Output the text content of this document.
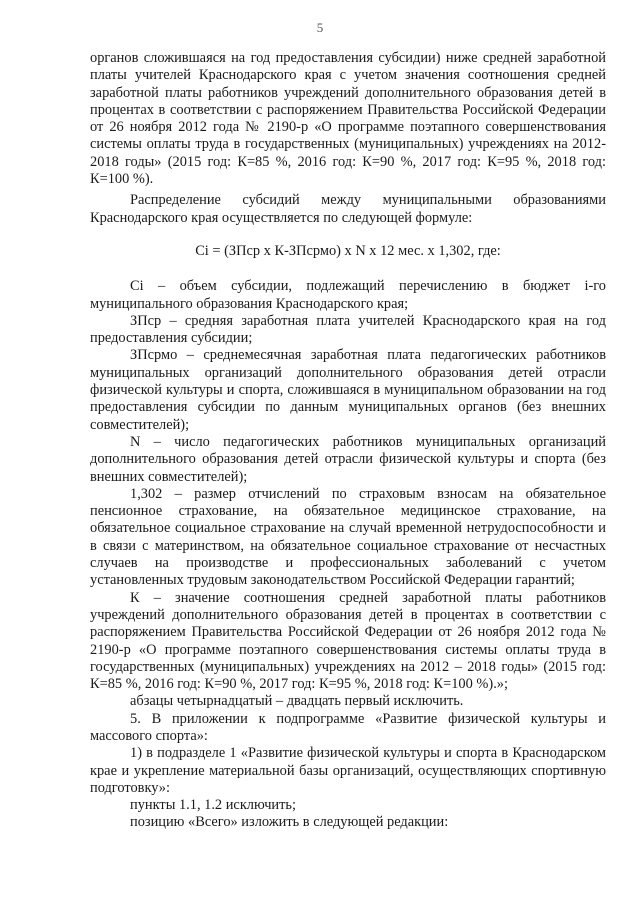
5

органов сложившаяся на год предоставления субсидии) ниже средней заработной платы учителей Краснодарского края с учетом значения соотношения средней заработной платы работников учреждений дополнительного образования детей в процентах в соответствии с распоряжением Правительства Российской Федерации от 26 ноября 2012 года № 2190-р «О программе поэтапного совершенствования системы оплаты труда в государственных (муниципальных) учреждениях на 2012-2018 годы» (2015 год: К=85 %, 2016 год: К=90 %, 2017 год: К=95 %, 2018 год: К=100 %).

Распределение субсидий между муниципальными образованиями Краснодарского края осуществляется по следующей формуле:

Сi = (ЗПср х К-ЗПсрмо) х N х 12 мес. х 1,302, где:

Сi – объем субсидии, подлежащий перечислению в бюджет i-го муниципального образования Краснодарского края;

ЗПср – средняя заработная плата учителей Краснодарского края на год предоставления субсидии;

ЗПсрмо – среднемесячная заработная плата педагогических работников муниципальных организаций дополнительного образования детей отрасли физической культуры и спорта, сложившаяся в муниципальном образовании на год предоставления субсидии по данным муниципальных органов (без внешних совместителей);

N – число педагогических работников муниципальных организаций дополнительного образования детей отрасли физической культуры и спорта (без внешних совместителей);

1,302 – размер отчислений по страховым взносам на обязательное пенсионное страхование, на обязательное медицинское страхование, на обязательное социальное страхование на случай временной нетрудоспособности и в связи с материнством, на обязательное социальное страхование от несчастных случаев на производстве и профессиональных заболеваний с учетом установленных трудовым законодательством Российской Федерации гарантий;

К – значение соотношения средней заработной платы работников учреждений дополнительного образования детей в процентах в соответствии с распоряжением Правительства Российской Федерации от 26 ноября 2012 года № 2190-р «О программе поэтапного совершенствования системы оплаты труда в государственных (муниципальных) учреждениях на 2012 – 2018 годы» (2015 год: К=85 %, 2016 год: К=90 %, 2017 год: К=95 %, 2018 год: К=100 %).»;

абзацы четырнадцатый – двадцать первый исключить.

5. В приложении к подпрограмме «Развитие физической культуры и массового спорта»:

1) в подразделе 1 «Развитие физической культуры и спорта в Краснодарском крае и укрепление материальной базы организаций, осуществляющих спортивную подготовку»:

пункты 1.1, 1.2 исключить;

позицию «Всего» изложить в следующей редакции:
